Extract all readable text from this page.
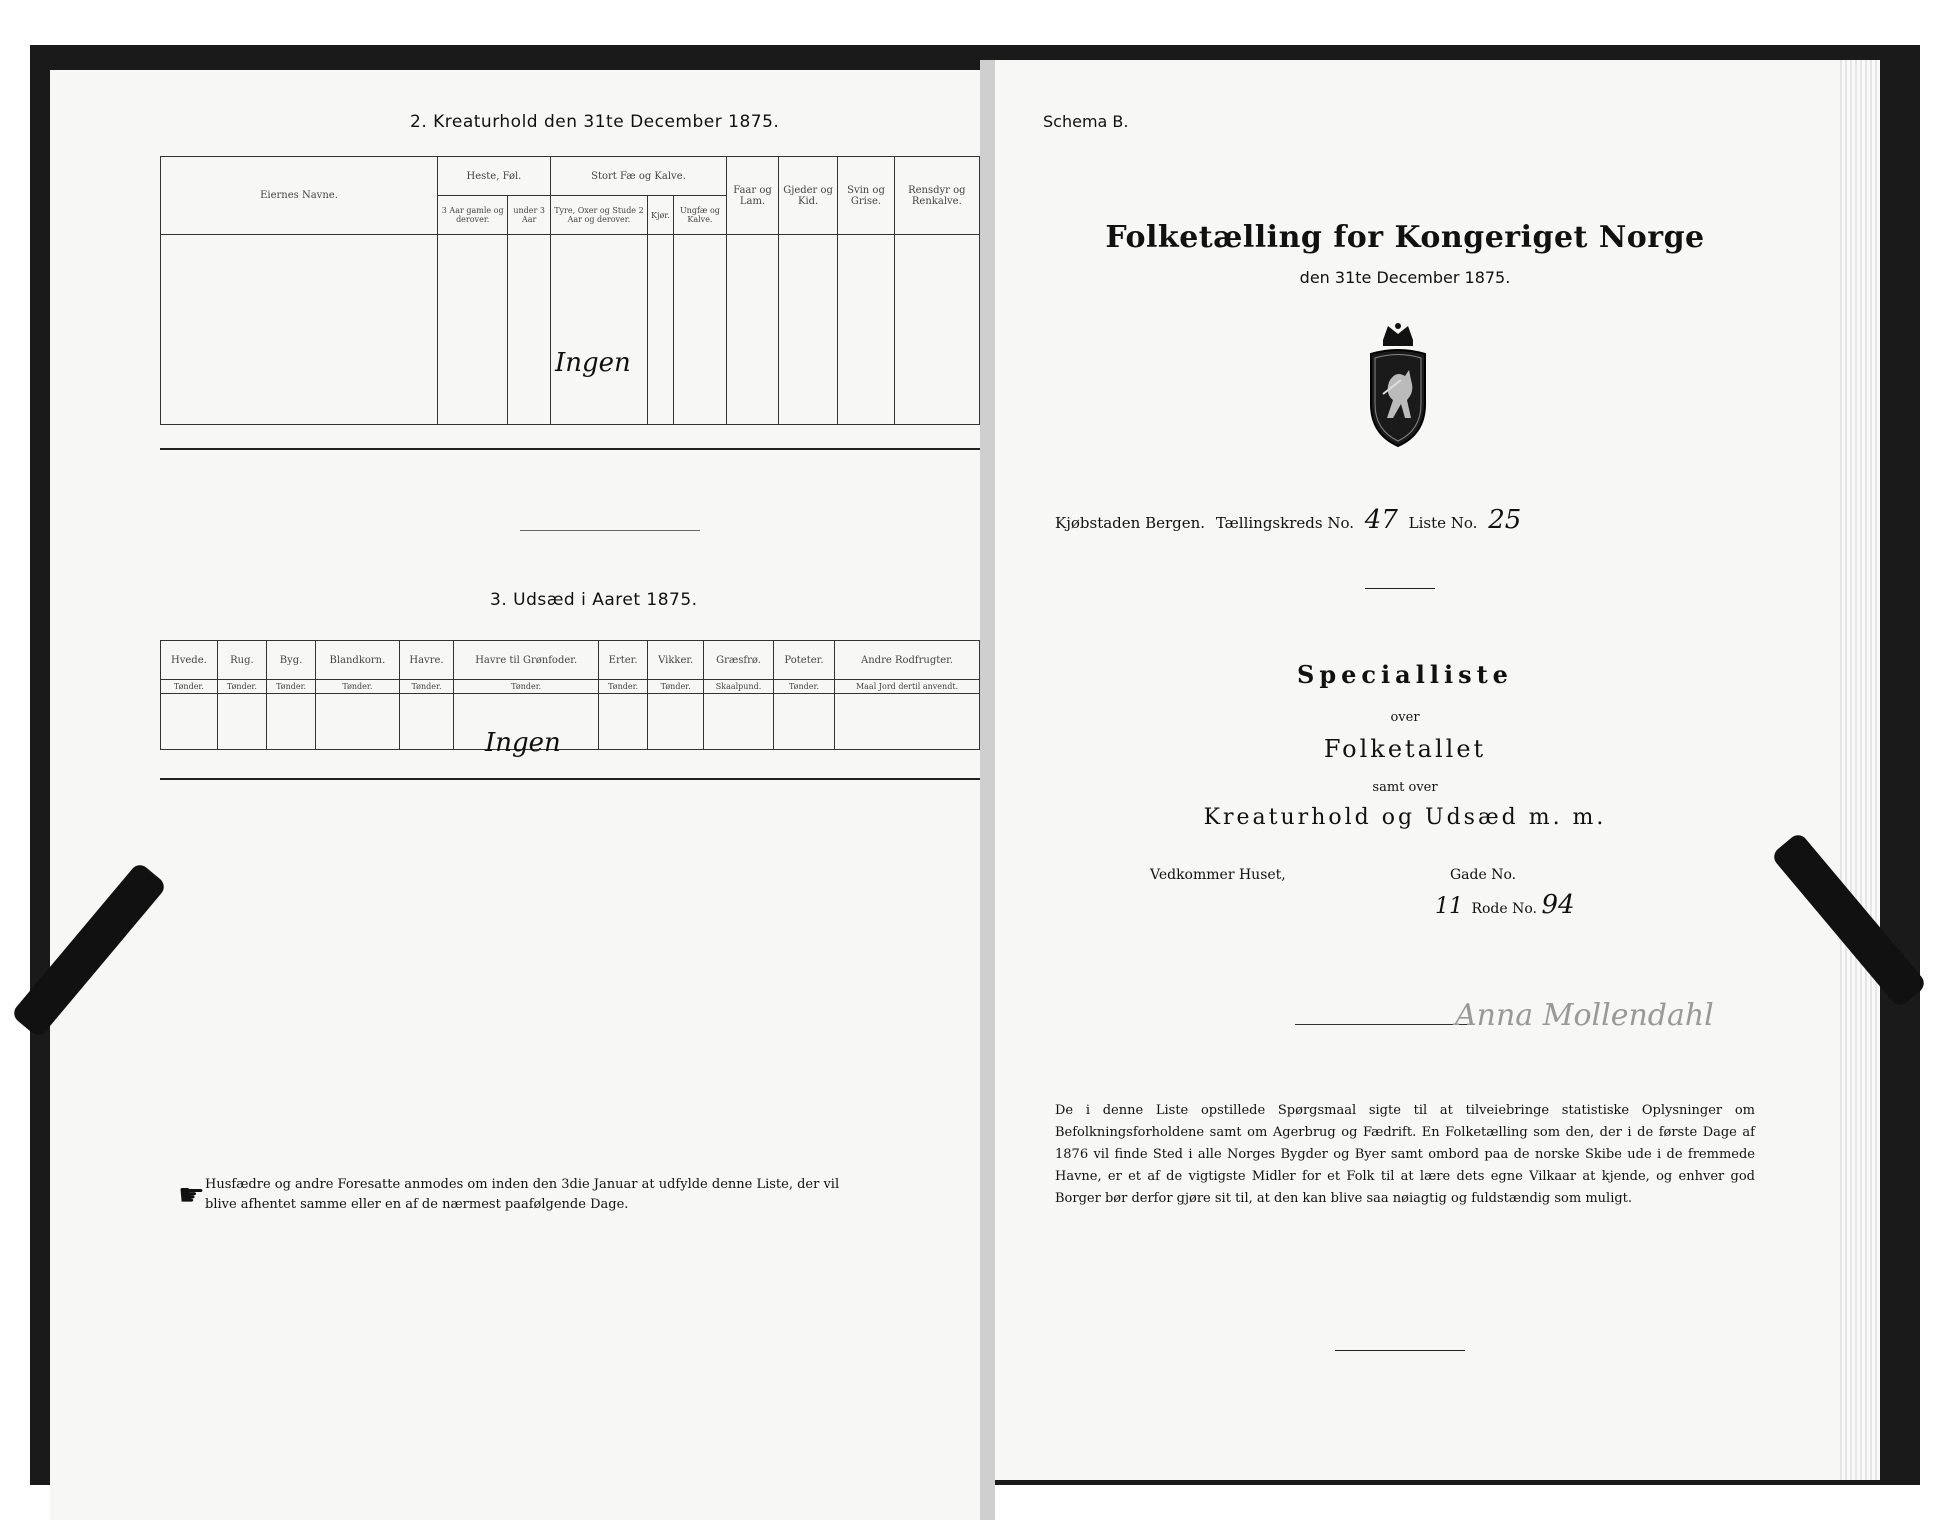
2. Kreaturhold den 31te December 1875.
Eiernes Navne.	Heste, Føl.		Stort Fæ og Kalve.			Faar og Lam.	Gjeder og Kid.	Svin og Grise.	Rensdyr og Renkalve.
	3 Aar gamle og derover.	under 3 Aar	Tyre, Oxer og Stude 2 Aar og derover.	Kjør.	Ungfæ og Kalve.				

Ingen
3. Udsæd i Aaret 1875.
Hvede.	Rug.	Byg.	Blandkorn.	Havre.	Havre til Grønfoder.	Erter.	Vikker.	Græsfrø.	Poteter.	Andre Rodfrugter.
Tønder.	Tønder.	Tønder.	Tønder.	Tønder.	Tønder.	Tønder.	Tønder.	Skaalpund.	Tønder.	Maal Jord dertil anvendt.

Ingen
☛ Husfædre og andre Foresatte anmodes om inden den 3die Januar at udfylde denne Liste, der vil blive afhentet samme eller en af de nærmest paafølgende Dage.
Schema B.
Folketælling for Kongeriget Norge
den 31te December 1875.
Kjøbstaden Bergen. Tællingskreds No. 47 Liste No. 25
Specialliste
over
Folketallet
samt over
Kreaturhold og Udsæd m. m.
Vedkommer Huset,	Gade No.
11 Rode No. 94
Anna Mollendahl
De i denne Liste opstillede Spørgsmaal sigte til at tilveiebringe statistiske Oplysninger om Befolkningsforholdene samt om Agerbrug og Fædrift. En Folketælling som den, der i de første Dage af 1876 vil finde Sted i alle Norges Bygder og Byer samt ombord paa de norske Skibe ude i de fremmede Havne, er et af de vigtigste Midler for et Folk til at lære dets egne Vilkaar at kjende, og enhver god Borger bør derfor gjøre sit til, at den kan blive saa nøiagtig og fuldstændig som muligt.
